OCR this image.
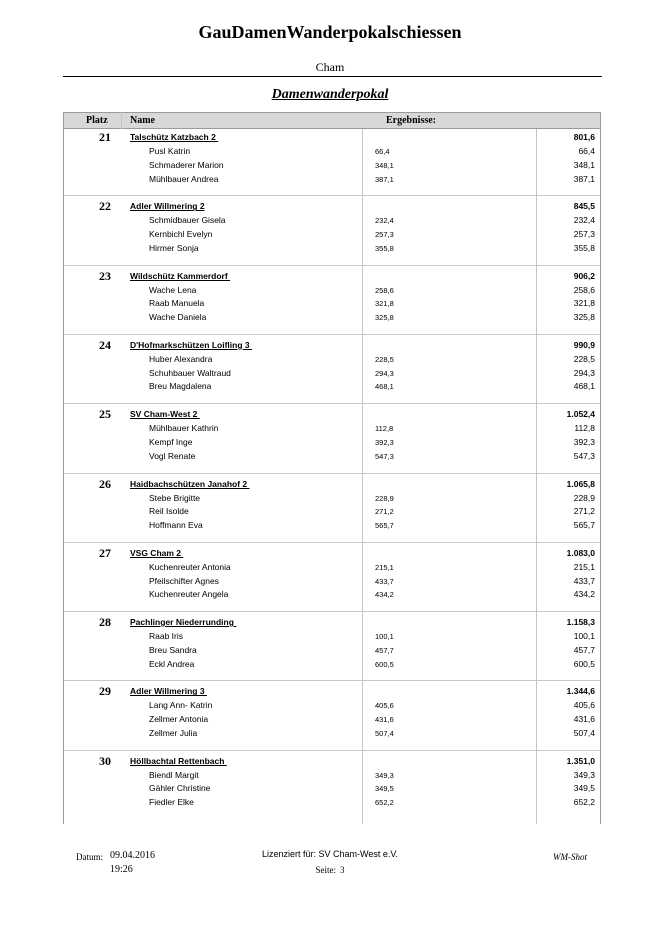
GauDamenWanderpokalschiessen
Cham
Damenwanderpokal
Platz Name	Ergebnisse:
21	Talschütz Katzbach 2	801,6
Pusl Katrin	66,4	66,4
Schmaderer Marion	348,1	348,1
Mühlbauer Andrea	387,1	387,1
22	Adler Willmering 2	845,5
Schmidbauer Gisela	232,4	232,4
Kernbichl Evelyn	257,3	257,3
Hirmer Sonja	355,8	355,8
23	Wildschütz Kammerdorf	906,2
Wache Lena	258,6	258,6
Raab Manuela	321,8	321,8
Wache Daniela	325,8	325,8
24	D'Hofmarkschützen Loifling 3	990,9
Huber Alexandra	228,5	228,5
Schuhbauer Waltraud	294,3	294,3
Breu Magdalena	468,1	468,1
25	SV Cham-West 2	1.052,4
Mühlbauer Kathrin	112,8	112,8
Kempf Inge	392,3	392,3
Vogl Renate	547,3	547,3
26	Haidbachschützen Janahof 2	1.065,8
Stebe Brigitte	228,9	228,9
Reil Isolde	271,2	271,2
Hoffmann Eva	565,7	565,7
27	VSG Cham 2	1.083,0
Kuchenreuter Antonia	215,1	215,1
Pfeilschifter Agnes	433,7	433,7
Kuchenreuter Angela	434,2	434,2
28	Pachlinger Niederrunding	1.158,3
Raab Iris	100,1	100,1
Breu Sandra	457,7	457,7
Eckl Andrea	600,5	600,5
29	Adler Willmering 3	1.344,6
Lang Ann- Katrin	405,6	405,6
Zellmer Antonia	431,6	431,6
Zellmer Julia	507,4	507,4
30	Höllbachtal Rettenbach	1.351,0
Biendl Margit	349,3	349,3
Gähler Christine	349,5	349,5
Fiedler Elke	652,2	652,2
Datum: 09.04.2016
19:26
Lizenziert für: SV Cham-West e.V.
Seite: 3
WM-Shot
